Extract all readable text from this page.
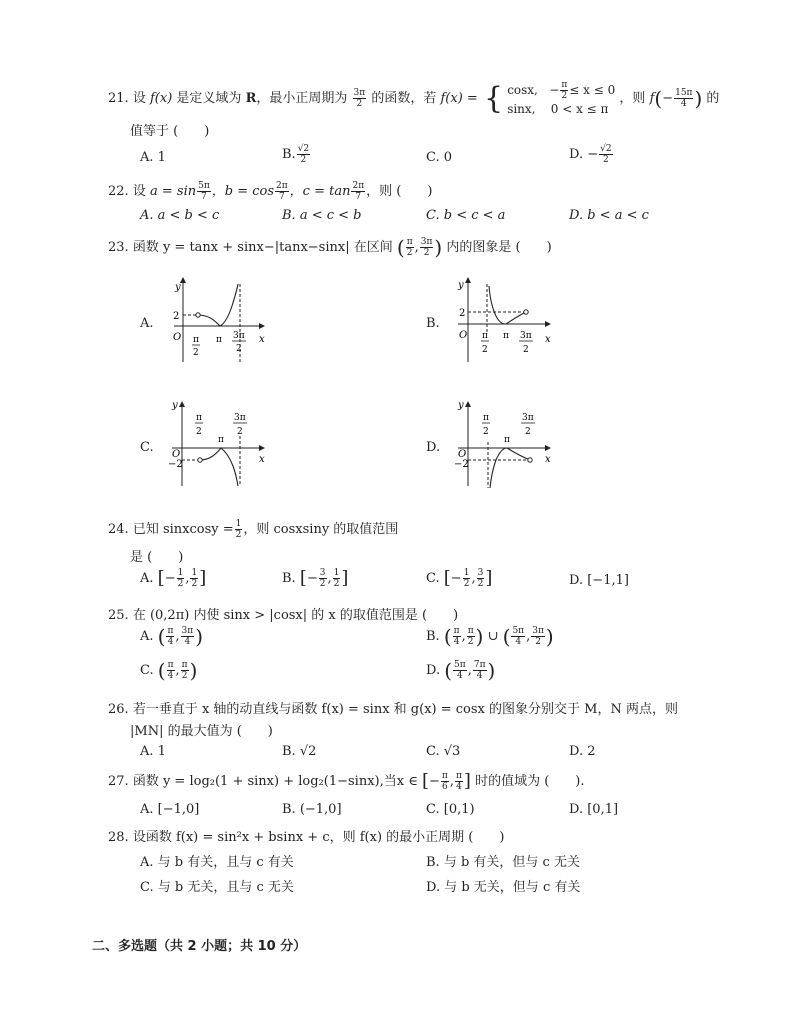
21. 设 f(x) 是定义域为 R，最小正周期为 $\frac{3\pi}{2}$ 的函数，若 f(x) = { cosx,   − $\frac{\pi}{2} \le x \le 0$
sinx, 0 < x ≤ π
，则 $f(- \frac{15\pi}{4}$ ) 的
值等于 (　　)
A. 1	B. $\frac{√2}{2}$	C. 0	D. − $\frac{√2}{2}$
22. 设 $a = \sin \frac{5\pi}{7}$ ，$b = \cos \frac{2\pi}{7}$ ，$c = \tan \frac{2\pi}{7}$ ，则 (　　)
A. a < b < c	B. a < c < b	C. b < c < a	D. b < a < c
23. 函数 y = tanx + sinx−|tanx−sinx| 在区间 ( $\frac{\pi}{2}$ , $\frac{3\pi}{2}$ ) 内的图象是 (　　)
A.	B.
C.	D.
y
x
2
O π
2
π 3π
2
y
x
2
O π
2
π 3π
2
y
x
O
−2
π
2
π
3π
2
y
x
O
−2
π
2
π
3π
2
24. 已知 sinxcosy = $\frac{1}{2}$ ，则 cosxsiny 的取值范围
是 (　　)
A. [− $\frac{1}{2}$ , $\frac{1}{2}$ ]	B. [− $\frac{3}{2}$ , $\frac{1}{2}$ ]	C. [− $\frac{1}{2}$ , $\frac{3}{2}$ ]	D. [−1,1]
25. 在 (0,2π) 内使 sinx > |cosx| 的 x 的取值范围是 (　　)
A. ( $\frac{\pi}{4}$ , $\frac{3\pi}{4}$ )	B. ( $\frac{\pi}{4}$ , $\frac{\pi}{2}$ ) ∪ ( $\frac{5\pi}{4}$ , $\frac{3\pi}{2}$ )
C. ( $\frac{\pi}{4}$ , $\frac{\pi}{2}$ )	D. ( $\frac{5\pi}{4}$ , $\frac{7\pi}{4}$ )
26. 若一垂直于 x 轴的动直线与函数 f(x) = sinx 和 g(x) = cosx 的图象分别交于 M，N 两点，则
|MN| 的最大值为 (　　)
A. 1	B. √2	C. √3	D. 2
27. 函数 y = log₂(1 + sinx) + log₂(1−sinx),当x ∈ [− $\frac{\pi}{6}$ , $\frac{\pi}{4}$ ] 时的值域为 (　　).
A. [−1,0]	B. (−1,0]	C. [0,1)	D. [0,1]
28. 设函数 f(x) = sin²x + bsinx + c，则 f(x) 的最小正周期 (　　)
A. 与 b 有关，且与 c 有关	B. 与 b 有关，但与 c 无关
C. 与 b 无关，且与 c 无关	D. 与 b 无关，但与 c 有关
二、多选题（共 2 小题；共 10 分）
